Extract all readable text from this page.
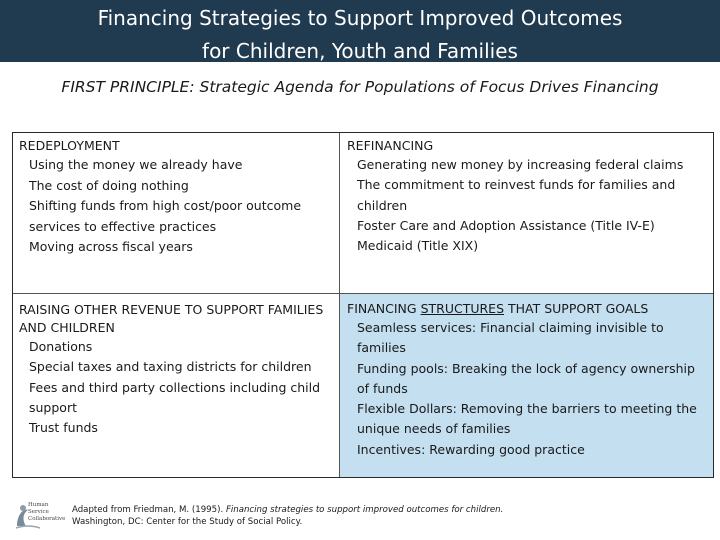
Financing Strategies to Support Improved Outcomes
for Children, Youth and Families
FIRST PRINCIPLE: Strategic Agenda for Populations of Focus Drives Financing
REDEPLOYMENT
Using the money we already have
The cost of doing nothing
Shifting funds from high cost/poor outcome services to effective practices
Moving across fiscal years
REFINANCING
Generating new money by increasing federal claims
The commitment to reinvest funds for families and children
Foster Care and Adoption Assistance (Title IV-E)
Medicaid (Title XIX)
RAISING OTHER REVENUE TO SUPPORT FAMILIES AND CHILDREN
Donations
Special taxes and taxing districts for children
Fees and third party collections including child support
Trust funds
FINANCING STRUCTURES THAT SUPPORT GOALS
Seamless services: Financial claiming invisible to families
Funding pools: Breaking the lock of agency ownership of funds
Flexible Dollars: Removing the barriers to meeting the unique needs of families
Incentives: Rewarding good practice
Human
Service
Collaborative
Adapted from Friedman, M. (1995). Financing strategies to support improved outcomes for children.
Washington, DC: Center for the Study of Social Policy.
